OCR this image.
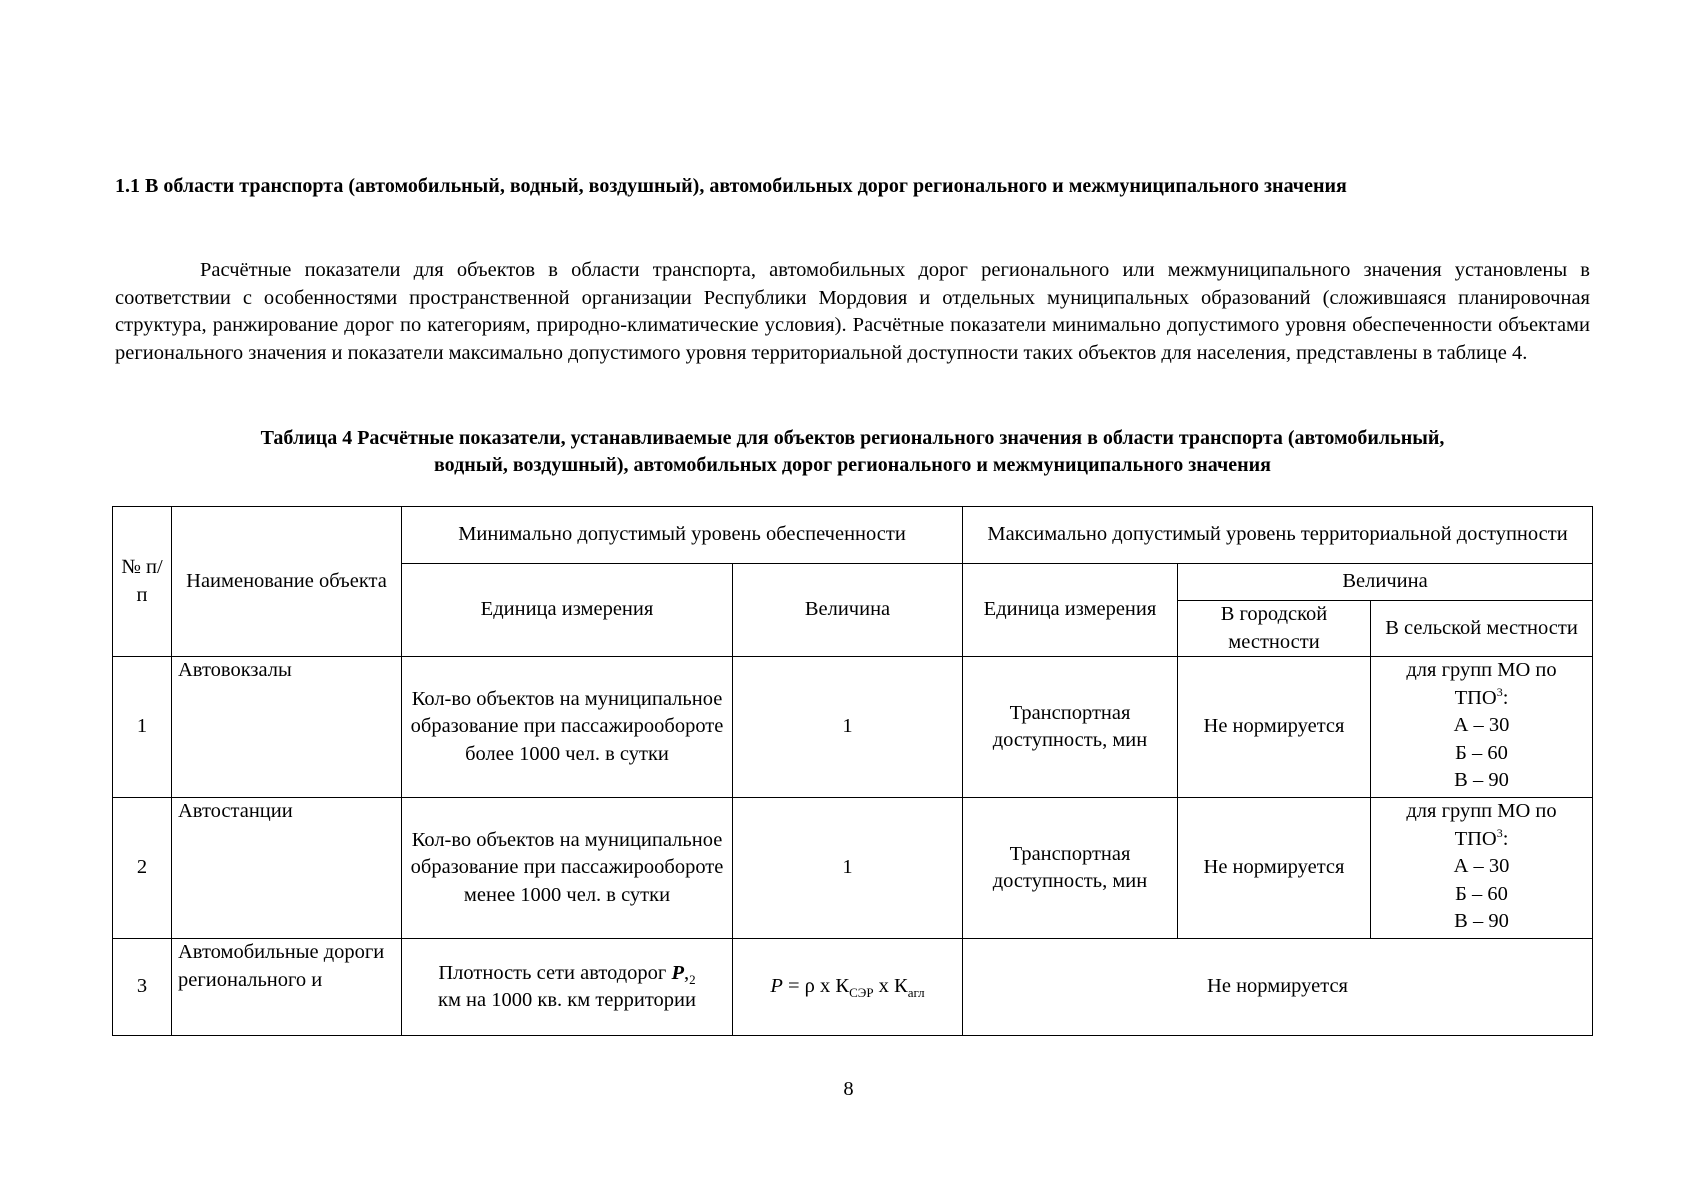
1.1 В области транспорта (автомобильный, водный, воздушный), автомобильных дорог регионального и межмуниципального значения
Расчётные показатели для объектов в области транспорта, автомобильных дорог регионального или межмуниципального значения установлены в соответствии с особенностями пространственной организации Республики Мордовия и отдельных муниципальных образований (сложившаяся планировочная структура, ранжирование дорог по категориям, природно-климатические условия). Расчётные показатели минимально допустимого уровня обеспеченности объектами регионального значения и показатели максимально допустимого уровня территориальной доступности таких объектов для населения, представлены в таблице 4.
Таблица 4 Расчётные показатели, устанавливаемые для объектов регионального значения в области транспорта (автомобильный,
водный, воздушный), автомобильных дорог регионального и межмуниципального значения
№ п/п	Наименование объекта	Минимально допустимый уровень обеспеченности		Максимально допустимый уровень территориальной доступности		
		Единица измерения	Величина	Единица измерения	Величина	
					В городской местности	В сельской местности
1	Автовокзалы	Кол-во объектов на муниципальное образование при пассажирообороте более 1000 чел. в сутки	1	Транспортная доступность, мин	Не нормируется	для групп МО по ТПО$^3$:
А – 30
Б – 60
В – 90

2	Автостанции	Кол-во объектов на муниципальное образование при пассажирообороте менее 1000 чел. в сутки	1	Транспортная доступность, мин	Не нормируется	для групп МО по ТПО$^3$:
А – 30
Б – 60
В – 90

3	Автомобильные дороги регионального и	Плотность сети автодорог $P,_2$
км на 1000 кв. км территории	P = ρ x $К_{СЭР}$ x $К_{агл}$	Не нормируется		
8
